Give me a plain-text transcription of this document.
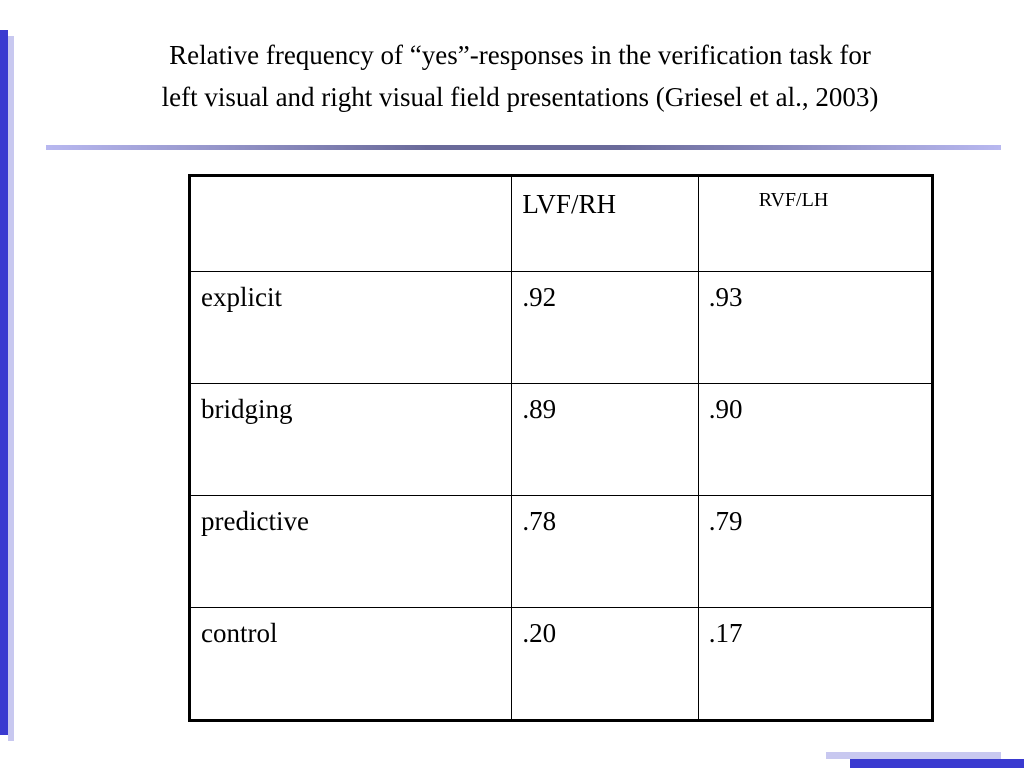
Relative frequency of “yes”-responses in the verification task for
left visual and right visual field presentations (Griesel et al., 2003)
	LVF/RH	RVF/LH
explicit	.92	.93
bridging	.89	.90
predictive	.78	.79
control	.20	.17
